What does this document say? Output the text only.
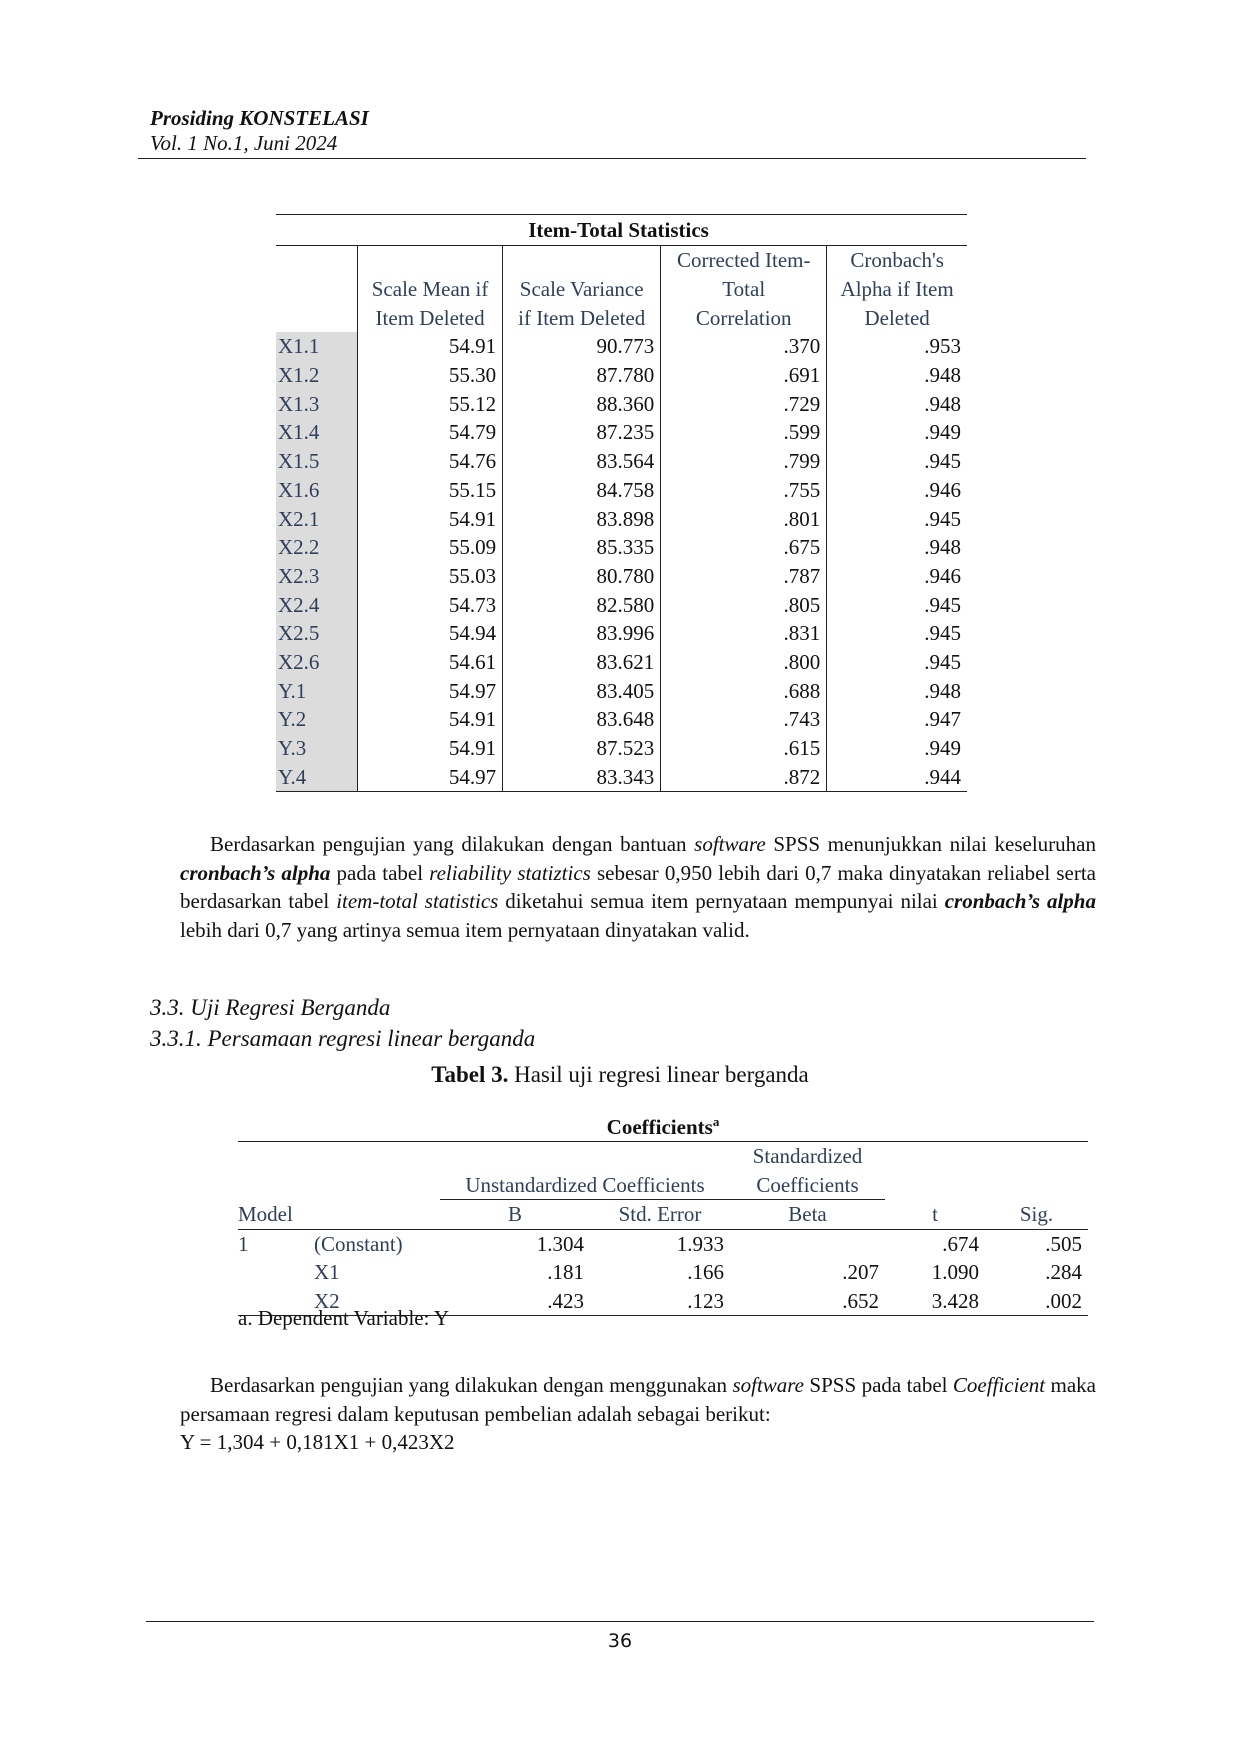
Prosiding KONSTELASI
Vol. 1 No.1, Juni 2024
Item-Total Statistics				
			Corrected Item-	Cronbach's
	Scale Mean if	Scale Variance	Total	Alpha if Item
	Item Deleted	if Item Deleted	Correlation	Deleted
X1.1	54.91	90.773	.370	.953
X1.2	55.30	87.780	.691	.948
X1.3	55.12	88.360	.729	.948
X1.4	54.79	87.235	.599	.949
X1.5	54.76	83.564	.799	.945
X1.6	55.15	84.758	.755	.946
X2.1	54.91	83.898	.801	.945
X2.2	55.09	85.335	.675	.948
X2.3	55.03	80.780	.787	.946
X2.4	54.73	82.580	.805	.945
X2.5	54.94	83.996	.831	.945
X2.6	54.61	83.621	.800	.945
Y.1	54.97	83.405	.688	.948
Y.2	54.91	83.648	.743	.947
Y.3	54.91	87.523	.615	.949
Y.4	54.97	83.343	.872	.944
Berdasarkan pengujian yang dilakukan dengan bantuan software SPSS menunjukkan nilai keseluruhan cronbach’s alpha pada tabel reliability statiztics sebesar 0,950 lebih dari 0,7 maka dinyatakan reliabel serta berdasarkan tabel item-total statistics diketahui semua item pernyataan mempunyai nilai cronbach’s alpha lebih dari 0,7 yang artinya semua item pernyataan dinyatakan valid.
3.3. Uji Regresi Berganda
3.3.1. Persamaan regresi linear berganda
Tabel 3. Hasil uji regresi linear berganda
Coefficients$^a$
				Standardized		
		Unstandardized Coefficients		Coefficients		
Model		B	Std. Error	Beta	t	Sig.
1	(Constant)	1.304	1.933		.674	.505
	X1	.181	.166	.207	1.090	.284
	X2	.423	.123	.652	3.428	.002
a. Dependent Variable: Y
Berdasarkan pengujian yang dilakukan dengan menggunakan software SPSS pada tabel Coefficient maka persamaan regresi dalam keputusan pembelian adalah sebagai berikut:
Y = 1,304 + 0,181X1 + 0,423X2
36
